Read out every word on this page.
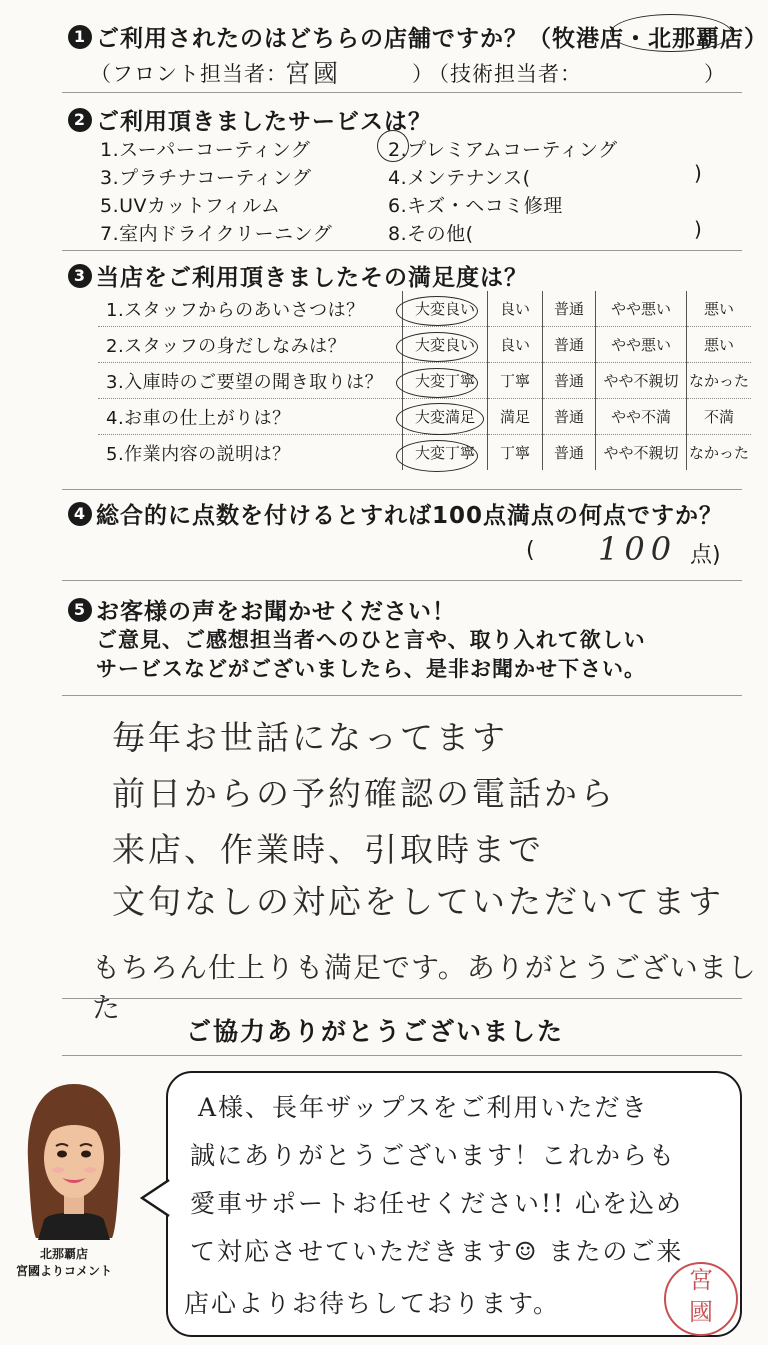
1 ご利用されたのはどちらの店舗ですか？（牧港店・北那覇店）
（フロント担当者：
宮國	）
（技術担当者：	）
2 ご利用頂きましたサービスは？
1.スーパーコーティング	2.プレミアムコーティング
3.プラチナコーティング	4.メンテナンス(	)
5.UVカットフィルム	6.キズ・ヘコミ修理
7.室内ドライクリーニング	8.その他(	)
3 当店をご利用頂きましたその満足度は？
1.スタッフからのあいさつは？	大変良い	良い	普通	やや悪い	悪い
2.スタッフの身だしなみは？	大変良い	良い	普通	やや悪い	悪い
3.入庫時のご要望の聞き取りは？	大変丁寧	丁寧	普通	やや不親切	なかった
4.お車の仕上がりは？	大変満足	満足	普通	やや不満	不満
5.作業内容の説明は？	大変丁寧	丁寧	普通	やや不親切	なかった
4 総合的に点数を付けるとすれば100点満点の何点ですか？
( 100 点)
5 お客様の声をお聞かせください！
ご意見、ご感想担当者へのひと言や、取り入れて欲しい
サービスなどがございましたら、是非お聞かせ下さい。
毎年お世話になってます
前日からの予約確認の電話から
来店、作業時、引取時まで
文句なしの対応をしていただいてます
もちろん仕上りも満足です。ありがとうございました
ご協力ありがとうございました
北那覇店
宮國よりコメント
A様、長年ザップスをご利用いただき
誠にありがとうございます！これからも
愛車サポートお任せください!! 心を込め
て対応させていただきます☺ またのご来
店心よりお待ちしております。
宮
國
